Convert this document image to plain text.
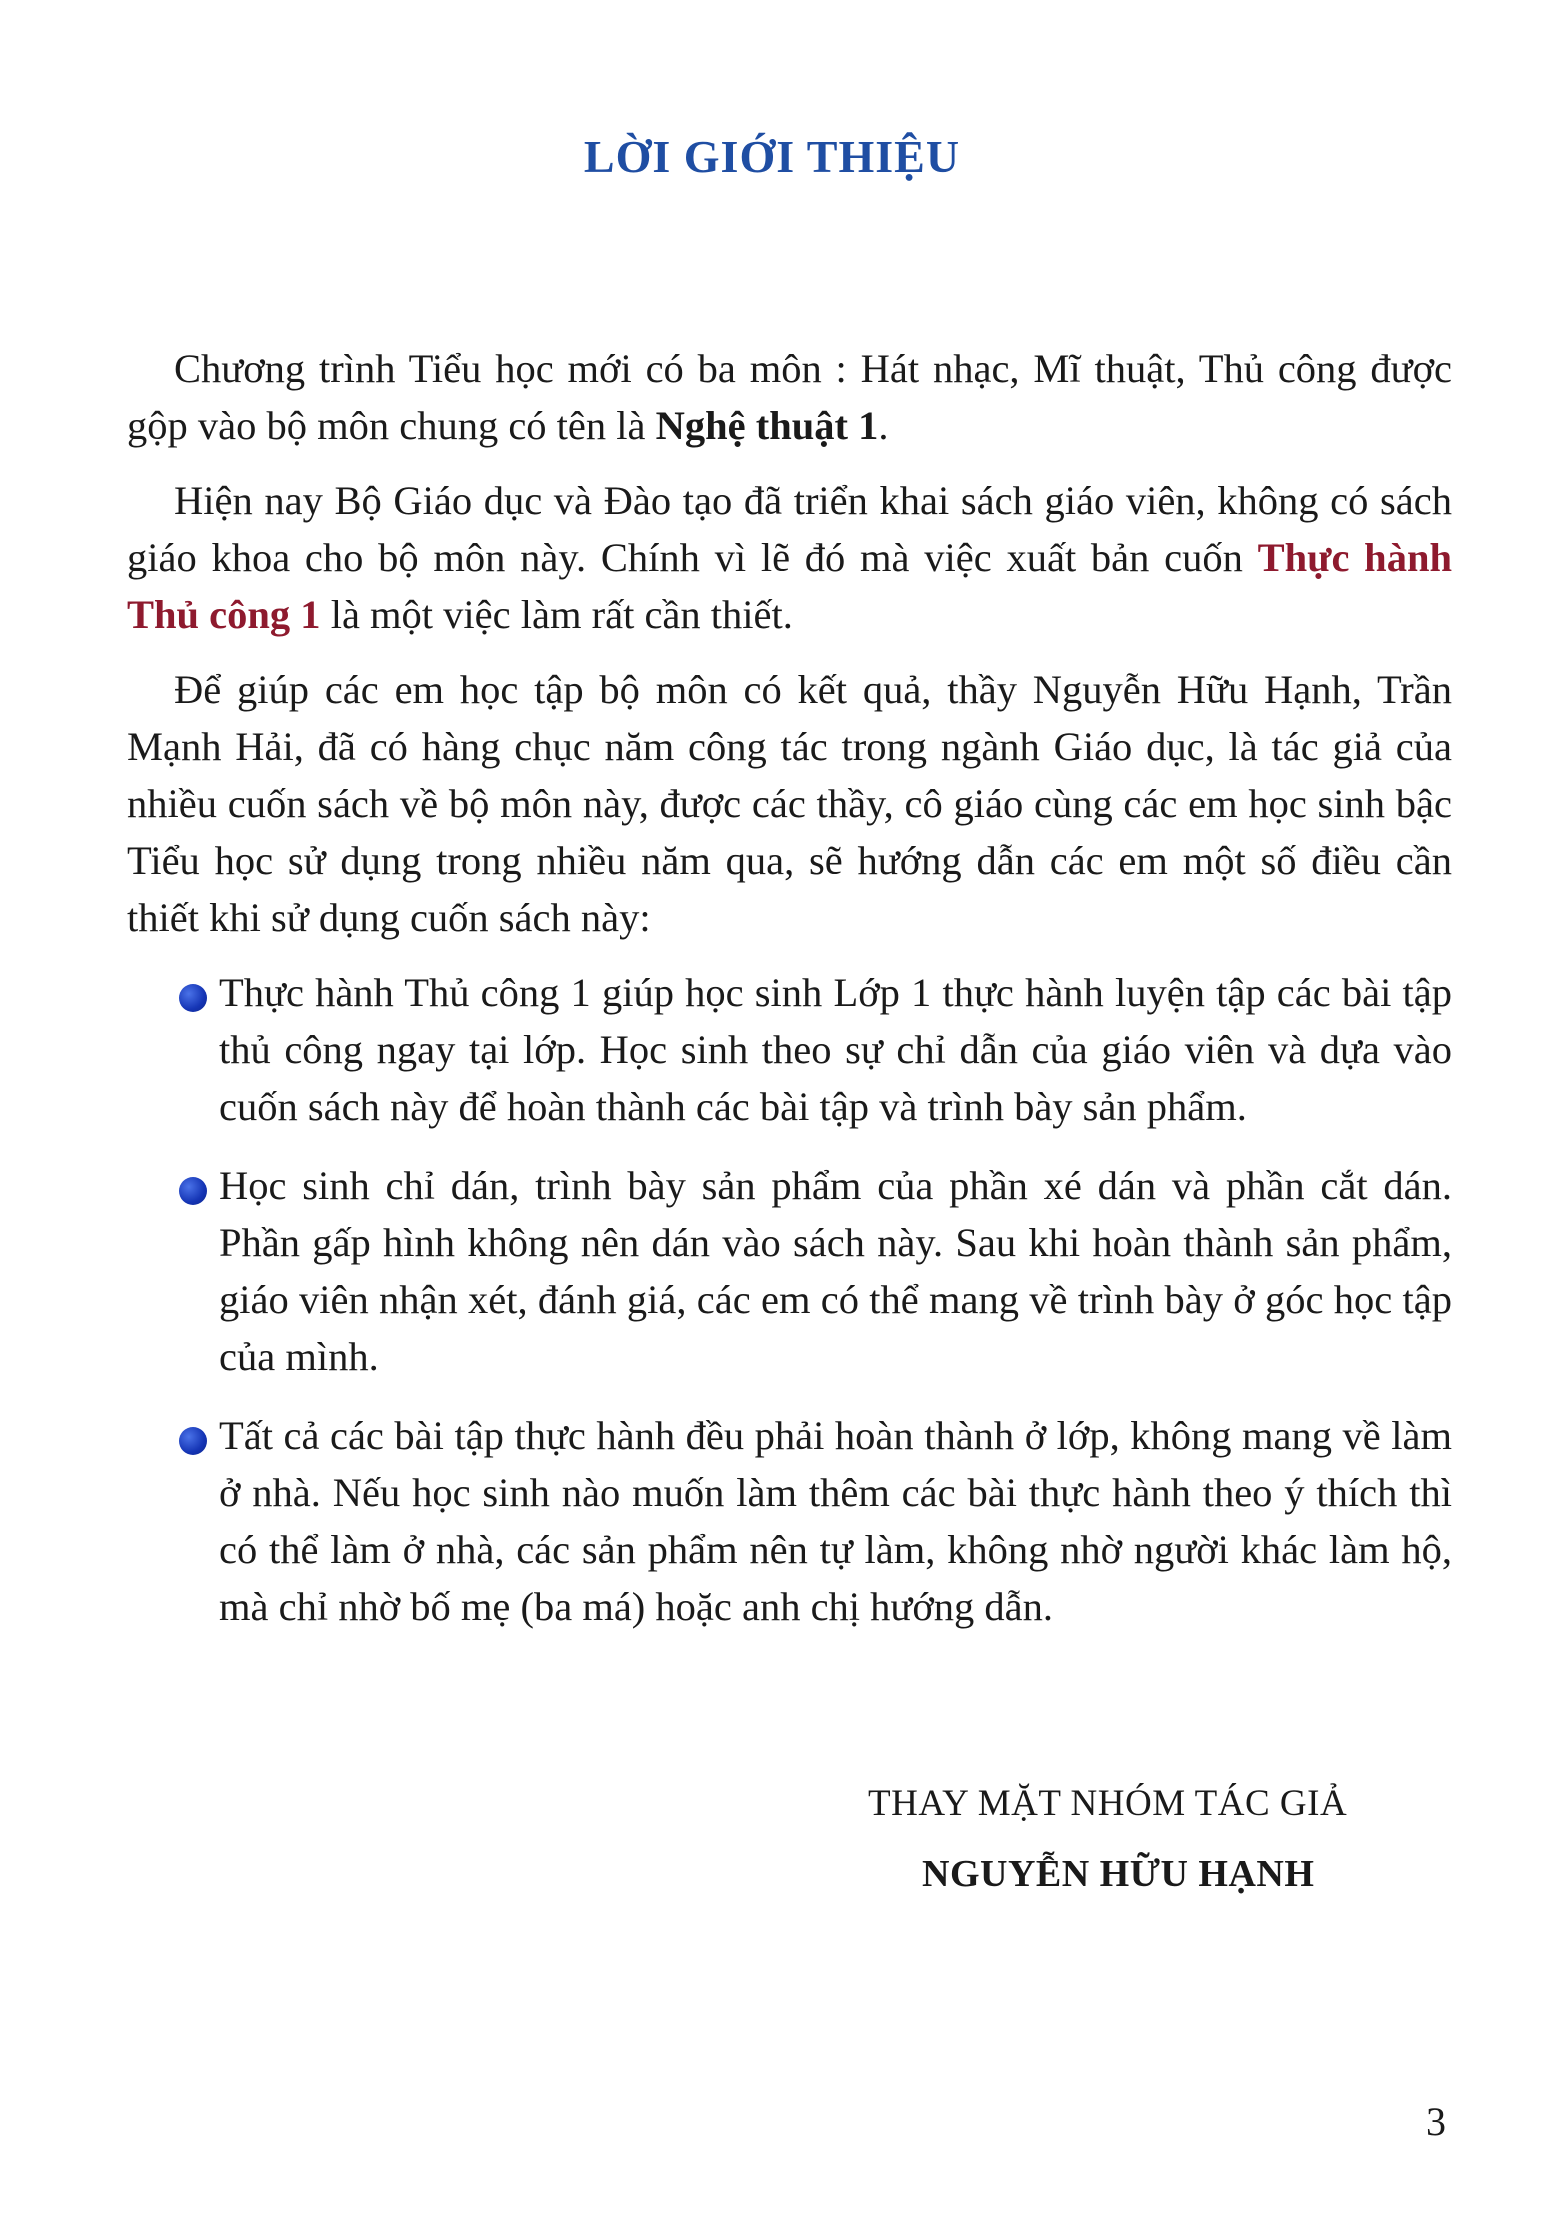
LỜI GIỚI THIỆU

Chương trình Tiểu học mới có ba môn : Hát nhạc, Mĩ thuật, Thủ công được gộp vào bộ môn chung có tên là Nghệ thuật 1.

Hiện nay Bộ Giáo dục và Đào tạo đã triển khai sách giáo viên, không có sách giáo khoa cho bộ môn này. Chính vì lẽ đó mà việc xuất bản cuốn Thực hành Thủ công 1 là một việc làm rất cần thiết.

Để giúp các em học tập bộ môn có kết quả, thầy Nguyễn Hữu Hạnh, Trần Mạnh Hải, đã có hàng chục năm công tác trong ngành Giáo dục, là tác giả của nhiều cuốn sách về bộ môn này, được các thầy, cô giáo cùng các em học sinh bậc Tiểu học sử dụng trong nhiều năm qua, sẽ hướng dẫn các em một số điều cần thiết khi sử dụng cuốn sách này:

Thực hành Thủ công 1 giúp học sinh Lớp 1 thực hành luyện tập các bài tập thủ công ngay tại lớp. Học sinh theo sự chỉ dẫn của giáo viên và dựa vào cuốn sách này để hoàn thành các bài tập và trình bày sản phẩm.
Học sinh chỉ dán, trình bày sản phẩm của phần xé dán và phần cắt dán. Phần gấp hình không nên dán vào sách này. Sau khi hoàn thành sản phẩm, giáo viên nhận xét, đánh giá, các em có thể mang về trình bày ở góc học tập của mình.
Tất cả các bài tập thực hành đều phải hoàn thành ở lớp, không mang về làm ở nhà. Nếu học sinh nào muốn làm thêm các bài thực hành theo ý thích thì có thể làm ở nhà, các sản phẩm nên tự làm, không nhờ người khác làm hộ, mà chỉ nhờ bố mẹ (ba má) hoặc anh chị hướng dẫn.
THAY MẶT NHÓM TÁC GIẢ
NGUYỄN HỮU HẠNH
3
